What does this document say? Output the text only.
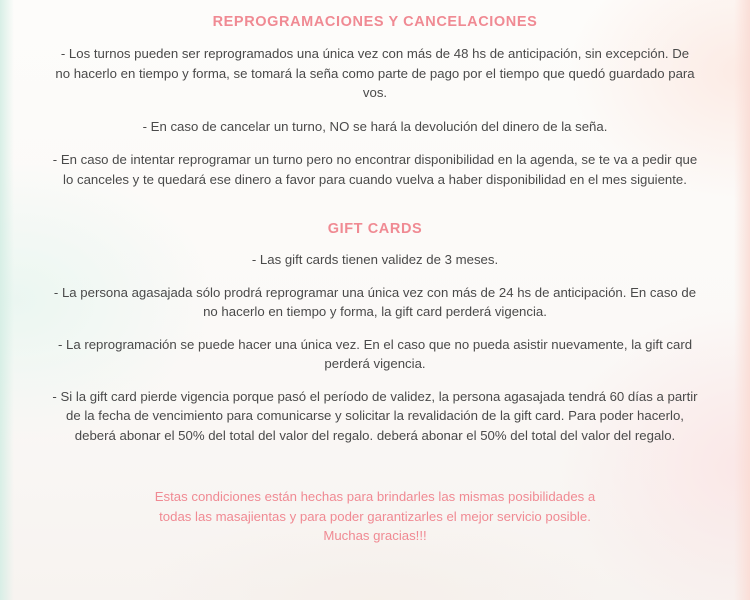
REPROGRAMACIONES Y CANCELACIONES

- Los turnos pueden ser reprogramados una única vez con más de 48 hs de anticipación, sin excepción. De no hacerlo en tiempo y forma, se tomará la seña como parte de pago por el tiempo que quedó guardado para vos.

- En caso de cancelar un turno, NO se hará la devolución del dinero de la seña.

- En caso de intentar reprogramar un turno pero no encontrar disponibilidad en la agenda, se te va a pedir que lo canceles y te quedará ese dinero a favor para cuando vuelva a haber disponibilidad en el mes siguiente.

GIFT CARDS

- Las gift cards tienen validez de 3 meses.

- La persona agasajada sólo prodrá reprogramar una única vez con más de 24 hs de anticipación. En caso de no hacerlo en tiempo y forma, la gift card perderá vigencia.

- La reprogramación se puede hacer una única vez. En el caso que no pueda asistir nuevamente, la gift card perderá vigencia.

- Si la gift card pierde vigencia porque pasó el período de validez, la persona agasajada tendrá 60 días a partir de la fecha de vencimiento para comunicarse y solicitar la revalidación de la gift card. Para poder hacerlo, deberá abonar el 50% del total del valor del regalo. deberá abonar el 50% del total del valor del regalo.

Estas condiciones están hechas para brindarles las mismas posibilidades a
todas las masajientas y para poder garantizarles el mejor servicio posible.
Muchas gracias!!!
